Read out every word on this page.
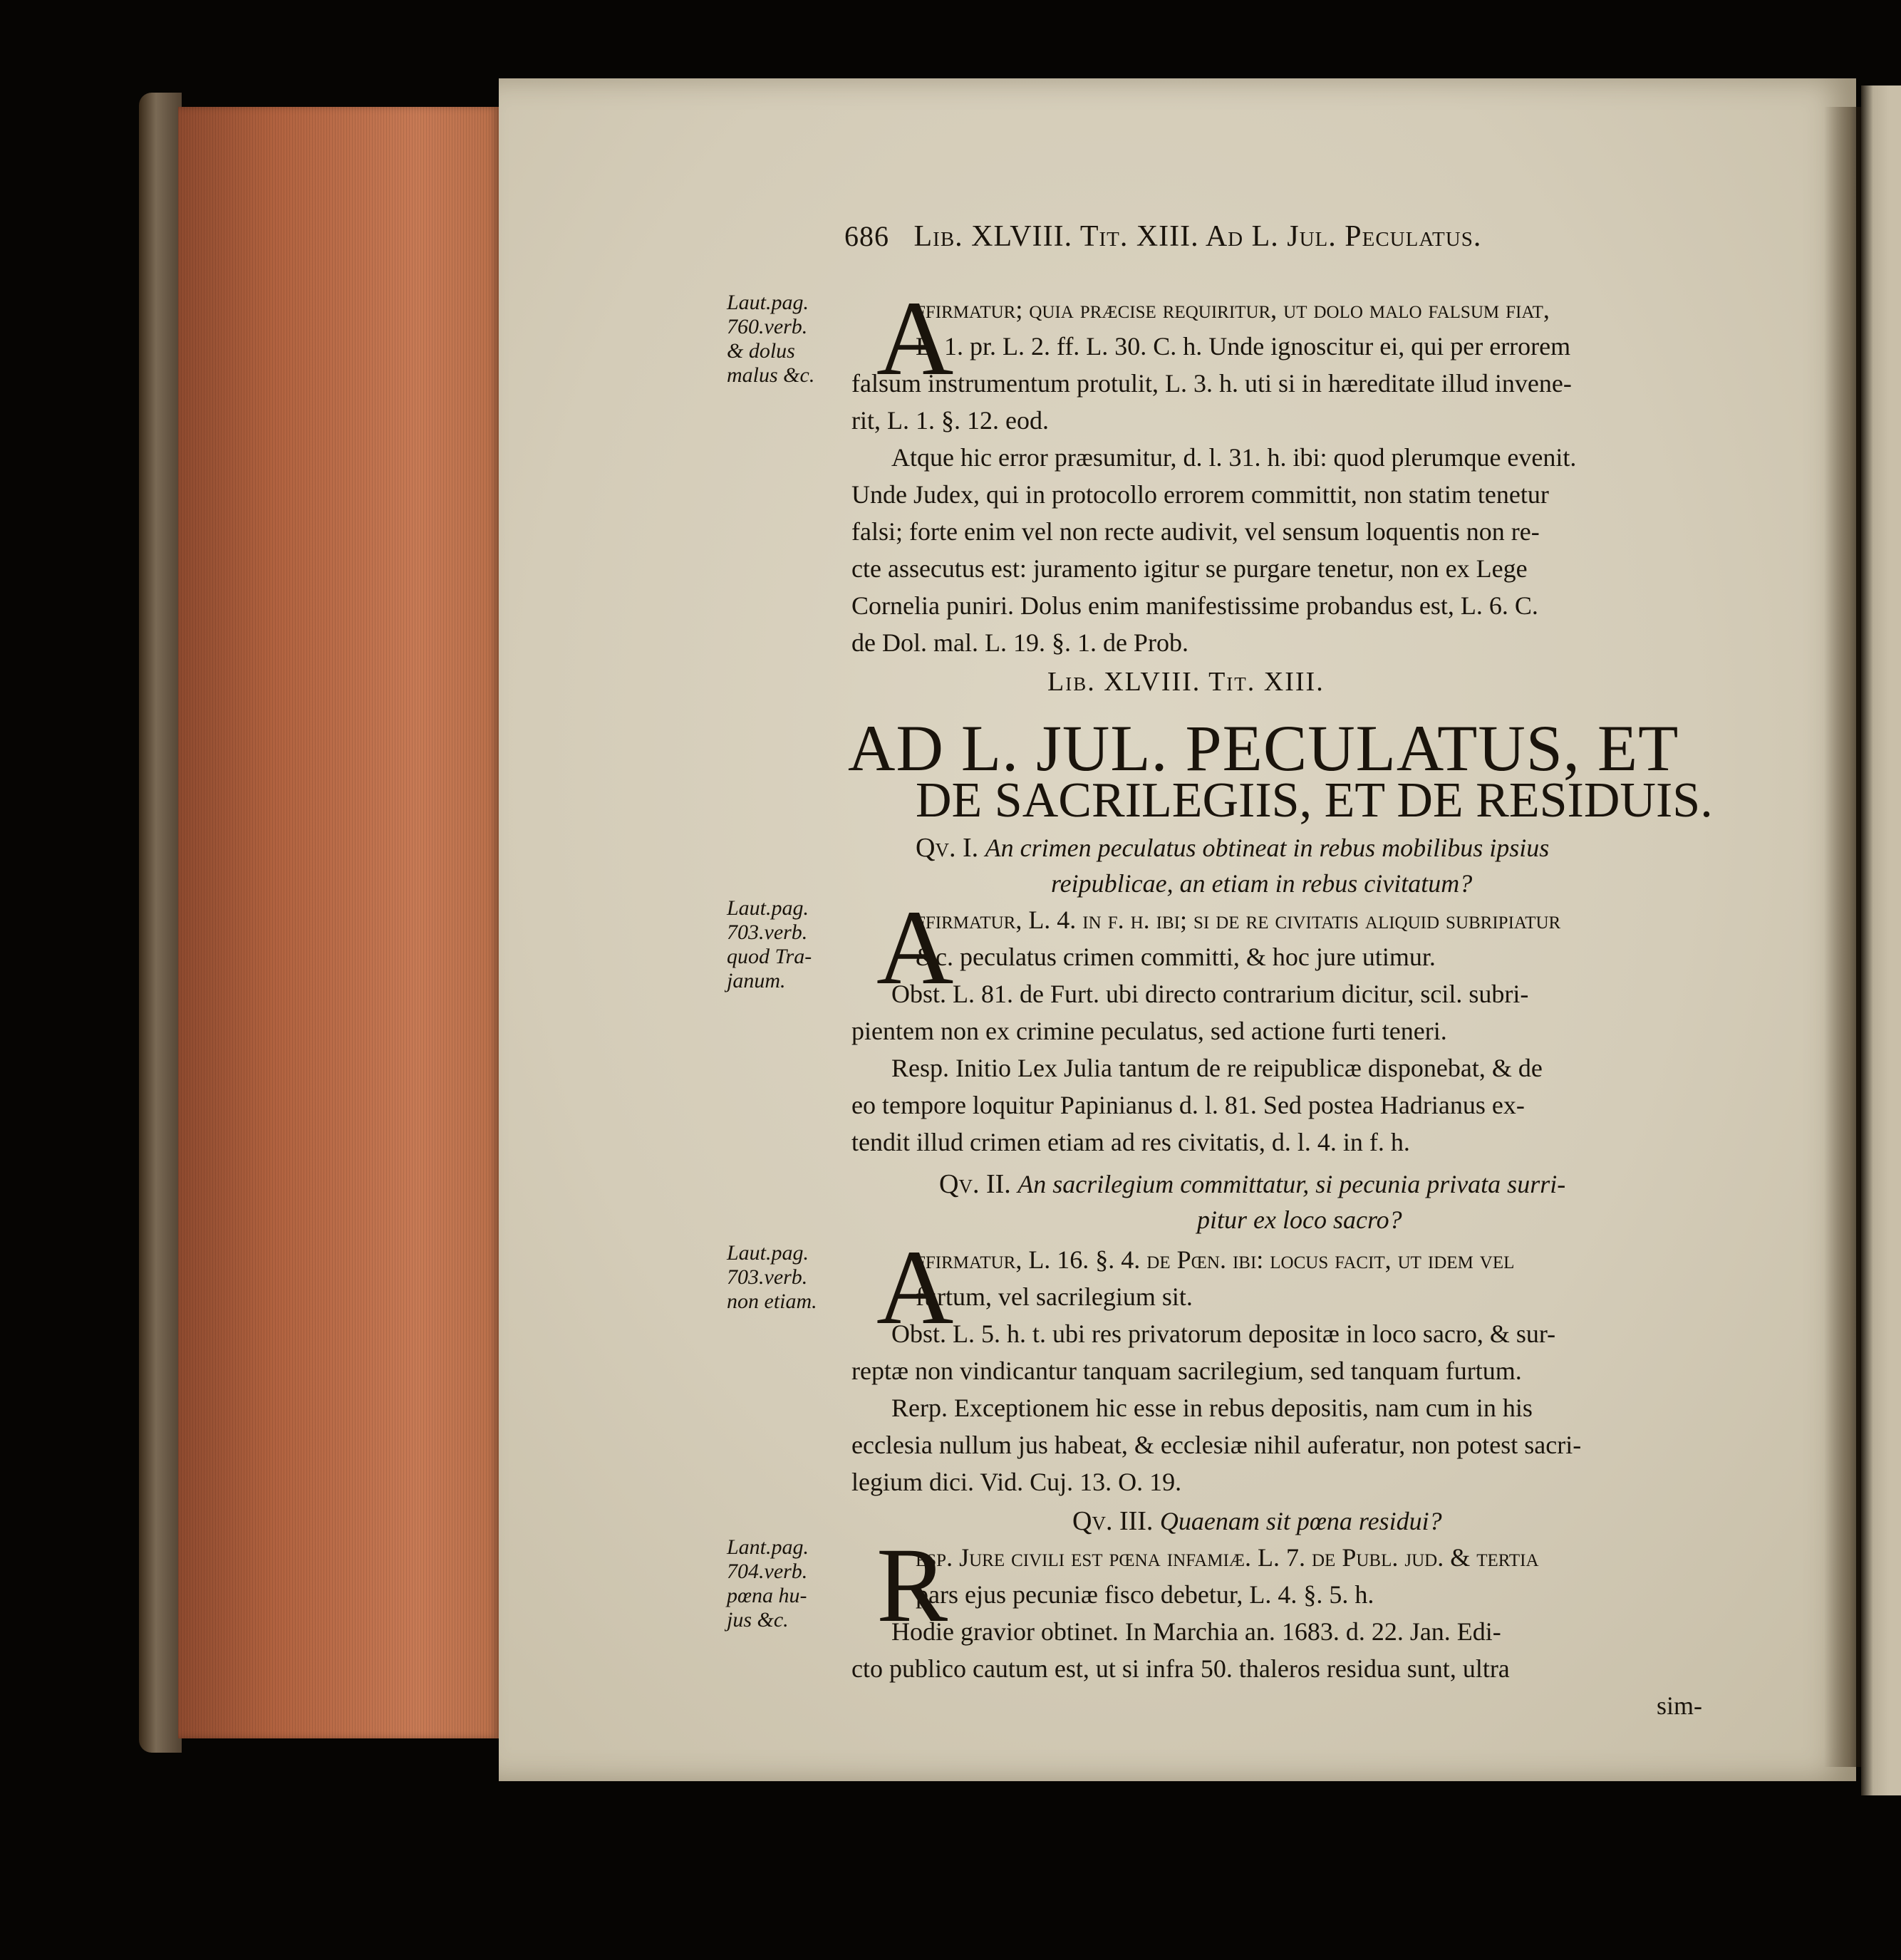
686 Lib. XLVIII. Tit. XIII. Ad L. Jul. Peculatus.
Laut.pag.
760.verb.
& dolus
malus &c.
Laut.pag.
703.verb.
quod Tra-
janum.
Laut.pag.
703.verb.
non etiam.
Lant.pag.
704.verb.
pœna hu-
jus &c.
A
ffirmatur; quia præcise requiritur, ut dolo malo falsum fiat,
L. 1. pr. L. 2. ff. L. 30. C. h. Unde ignoscitur ei, qui per errorem
falsum instrumentum protulit, L. 3. h. uti si in hæreditate illud invene-
rit, L. 1. §. 12. eod.
Atque hic error præsumitur, d. l. 31. h. ibi: quod plerumque evenit.
Unde Judex, qui in protocollo errorem committit, non statim tenetur
falsi; forte enim vel non recte audivit, vel sensum loquentis non re-
cte assecutus est: juramento igitur se purgare tenetur, non ex Lege
Cornelia puniri. Dolus enim manifestissime probandus est, L. 6. C.
de Dol. mal. L. 19. §. 1. de Prob.
Lib. XLVIII. Tit. XIII.
AD L. JUL. PECULATUS, ET
DE SACRILEGIIS, ET DE RESIDUIS.
Qv. I. An crimen peculatus obtineat in rebus mobilibus ipsius
reipublicae, an etiam in rebus civitatum?
A
ffirmatur, L. 4. in f. h. ibi; si de re civitatis aliquid subripiatur
&c. peculatus crimen committi, & hoc jure utimur.
Obst. L. 81. de Furt. ubi directo contrarium dicitur, scil. subri-
pientem non ex crimine peculatus, sed actione furti teneri.
Resp. Initio Lex Julia tantum de re reipublicæ disponebat, & de
eo tempore loquitur Papinianus d. l. 81. Sed postea Hadrianus ex-
tendit illud crimen etiam ad res civitatis, d. l. 4. in f. h.
Qv. II. An sacrilegium committatur, si pecunia privata surri-
pitur ex loco sacro?
A
ffirmatur, L. 16. §. 4. de Pœn. ibi: locus facit, ut idem vel
furtum, vel sacrilegium sit.
Obst. L. 5. h. t. ubi res privatorum depositæ in loco sacro, & sur-
reptæ non vindicantur tanquam sacrilegium, sed tanquam furtum.
Rerp. Exceptionem hic esse in rebus depositis, nam cum in his
ecclesia nullum jus habeat, & ecclesiæ nihil auferatur, non potest sacri-
legium dici. Vid. Cuj. 13. O. 19.
Qv. III. Quaenam sit pœna residui?
R
esp. Jure civili est pœna infamiæ. L. 7. de Publ. jud. & tertia
pars ejus pecuniæ fisco debetur, L. 4. §. 5. h.
Hodie gravior obtinet. In Marchia an. 1683. d. 22. Jan. Edi-
cto publico cautum est, ut si infra 50. thaleros residua sunt, ultra
sim-
